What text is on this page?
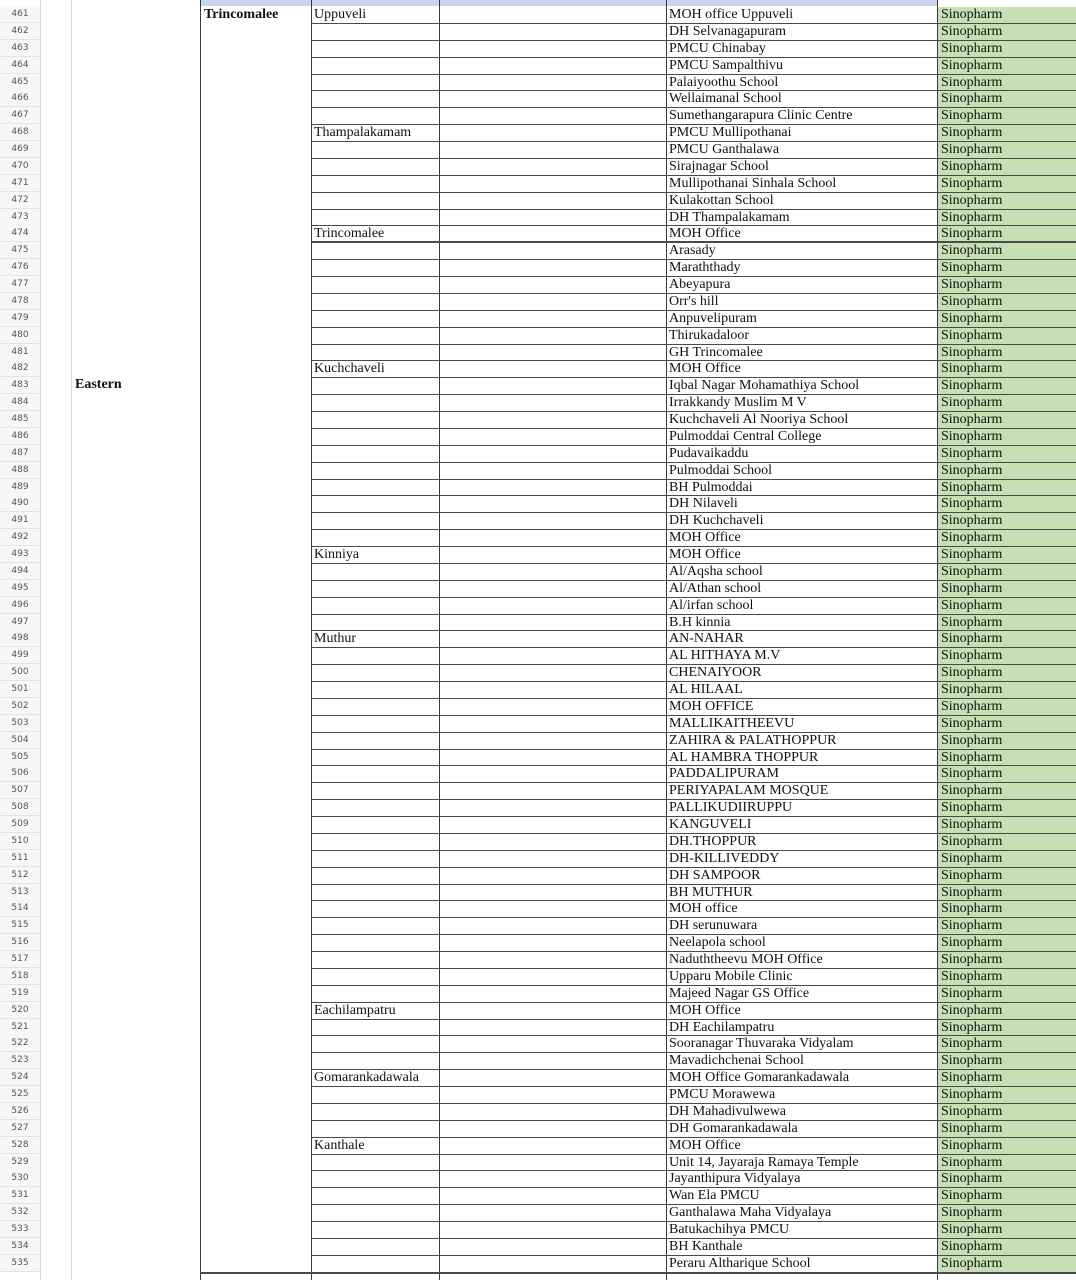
Eastern
Trincomalee
461	Uppuveli	MOH office Uppuveli	Sinopharm
462	DH Selvanagapuram	Sinopharm
463	PMCU Chinabay	Sinopharm
464	PMCU Sampalthivu	Sinopharm
465	Palaiyoothu School	Sinopharm
466	Wellaimanal School	Sinopharm
467	Sumethangarapura Clinic Centre	Sinopharm
468	Thampalakamam	PMCU Mullipothanai	Sinopharm
469	PMCU Ganthalawa	Sinopharm
470	Sirajnagar School	Sinopharm
471	Mullipothanai Sinhala School	Sinopharm
472	Kulakottan School	Sinopharm
473	DH Thampalakamam	Sinopharm
474	Trincomalee	MOH Office	Sinopharm
475	Arasady	Sinopharm
476	Maraththady	Sinopharm
477	Abeyapura	Sinopharm
478	Orr's hill	Sinopharm
479	Anpuvelipuram	Sinopharm
480	Thirukadaloor	Sinopharm
481	GH Trincomalee	Sinopharm
482	Kuchchaveli	MOH Office	Sinopharm
483	Iqbal Nagar Mohamathiya School	Sinopharm
484	Irrakkandy Muslim M V	Sinopharm
485	Kuchchaveli Al Nooriya School	Sinopharm
486	Pulmoddai Central College	Sinopharm
487	Pudavaikaddu	Sinopharm
488	Pulmoddai School	Sinopharm
489	BH Pulmoddai	Sinopharm
490	DH Nilaveli	Sinopharm
491	DH Kuchchaveli	Sinopharm
492	MOH Office	Sinopharm
493	Kinniya	MOH Office	Sinopharm
494	Al/Aqsha school	Sinopharm
495	Al/Athan school	Sinopharm
496	Al/irfan school	Sinopharm
497	B.H kinnia	Sinopharm
498	Muthur	AN-NAHAR	Sinopharm
499	AL HITHAYA M.V	Sinopharm
500	CHENAIYOOR	Sinopharm
501	AL HILAAL	Sinopharm
502	MOH OFFICE	Sinopharm
503	MALLIKAITHEEVU	Sinopharm
504	ZAHIRA & PALATHOPPUR	Sinopharm
505	AL HAMBRA THOPPUR	Sinopharm
506	PADDALIPURAM	Sinopharm
507	PERIYAPALAM MOSQUE	Sinopharm
508	PALLIKUDIIRUPPU	Sinopharm
509	KANGUVELI	Sinopharm
510	DH.THOPPUR	Sinopharm
511	DH-KILLIVEDDY	Sinopharm
512	DH SAMPOOR	Sinopharm
513	BH MUTHUR	Sinopharm
514	MOH office	Sinopharm
515	DH serunuwara	Sinopharm
516	Neelapola school	Sinopharm
517	Naduththeevu MOH Office	Sinopharm
518	Upparu Mobile Clinic	Sinopharm
519	Majeed Nagar GS Office	Sinopharm
520	Eachilampatru	MOH Office	Sinopharm
521	DH Eachilampatru	Sinopharm
522	Sooranagar Thuvaraka Vidyalam	Sinopharm
523	Mavadichchenai School	Sinopharm
524	Gomarankadawala	MOH Office Gomarankadawala	Sinopharm
525	PMCU Morawewa	Sinopharm
526	DH Mahadivulwewa	Sinopharm
527	DH Gomarankadawala	Sinopharm
528	Kanthale	MOH Office	Sinopharm
529	Unit 14, Jayaraja Ramaya Temple	Sinopharm
530	Jayanthipura Vidyalaya	Sinopharm
531	Wan Ela PMCU	Sinopharm
532	Ganthalawa Maha Vidyalaya	Sinopharm
533	Batukachihya PMCU	Sinopharm
534	BH Kanthale	Sinopharm
535	Peraru Altharique School	Sinopharm
